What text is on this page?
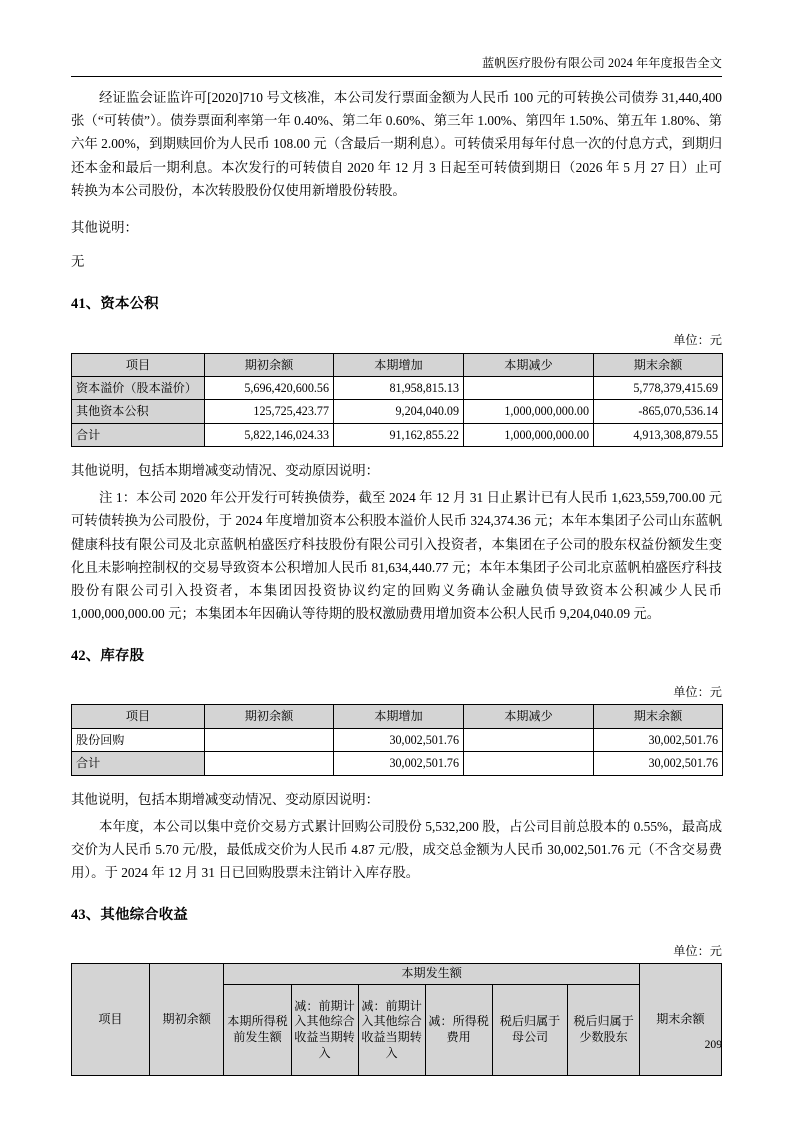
蓝帆医疗股份有限公司 2024 年年度报告全文

经证监会证监许可[2020]710 号文核准，本公司发行票面金额为人民币 100 元的可转换公司债券 31,440,400 张（“可转债”）。债券票面利率第一年 0.40%、第二年 0.60%、第三年 1.00%、第四年 1.50%、第五年 1.80%、第六年 2.00%，到期赎回价为人民币 108.00 元（含最后一期利息）。可转债采用每年付息一次的付息方式，到期归还本金和最后一期利息。本次发行的可转债自 2020 年 12 月 3 日起至可转债到期日（2026 年 5 月 27 日）止可转换为本公司股份，本次转股股份仅使用新增股份转股。

其他说明：

无

41、资本公积
单位：元
项目	期初余额	本期增加	本期减少	期末余额
资本溢价（股本溢价）	5,696,420,600.56	81,958,815.13		5,778,379,415.69
其他资本公积	125,725,423.77	9,204,040.09	1,000,000,000.00	-865,070,536.14
合计	5,822,146,024.33	91,162,855.22	1,000,000,000.00	4,913,308,879.55

其他说明，包括本期增减变动情况、变动原因说明：

注 1：本公司 2020 年公开发行可转换债券，截至 2024 年 12 月 31 日止累计已有人民币 1,623,559,700.00 元可转债转换为公司股份，于 2024 年度增加资本公积股本溢价人民币 324,374.36 元；本年本集团子公司山东蓝帆健康科技有限公司及北京蓝帆柏盛医疗科技股份有限公司引入投资者，本集团在子公司的股东权益份额发生变化且未影响控制权的交易导致资本公积增加人民币 81,634,440.77 元；本年本集团子公司北京蓝帆柏盛医疗科技股份有限公司引入投资者，本集团因投资协议约定的回购义务确认金融负债导致资本公积减少人民币 1,000,000,000.00 元；本集团本年因确认等待期的股权激励费用增加资本公积人民币 9,204,040.09 元。

42、库存股
单位：元
项目	期初余额	本期增加	本期减少	期末余额
股份回购		30,002,501.76		30,002,501.76
合计		30,002,501.76		30,002,501.76

其他说明，包括本期增减变动情况、变动原因说明：

本年度，本公司以集中竞价交易方式累计回购公司股份 5,532,200 股，占公司目前总股本的 0.55%，最高成交价为人民币 5.70 元/股，最低成交价为人民币 4.87 元/股，成交总金额为人民币 30,002,501.76 元（不含交易费用）。于 2024 年 12 月 31 日已回购股票未注销计入库存股。

43、其他综合收益
单位：元
项目	期初余额	本期发生额						期末余额
		本期所得税前发生额	减：前期计入其他综合收益当期转入	减：前期计入其他综合收益当期转入	减：所得税费用	税后归属于母公司	税后归属于少数股东	
209
